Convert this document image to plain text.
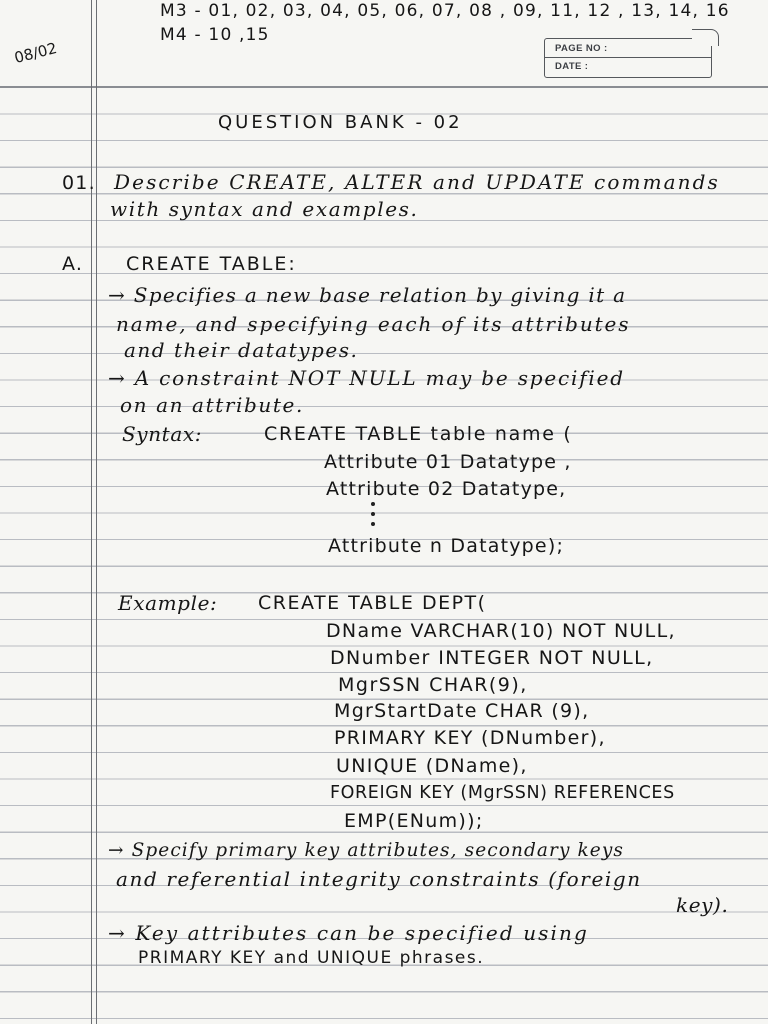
M3 - 01, 02, 03, 04, 05, 06, 07, 08 , 09, 11, 12 , 13, 14, 16
M4 - 10 ,15
08/02	PAGE NO :
DATE :
QUESTION BANK - 02
01. Describe CREATE, ALTER and UPDATE commands
with syntax and examples.
A. CREATE TABLE:
→ Specifies a new base relation by giving it a
name, and specifying each of its attributes
and their datatypes.
→ A constraint NOT NULL may be specified
on an attribute.
Syntax:	CREATE TABLE table name (
Attribute 01 Datatype ,
Attribute 02 Datatype,
Attribute n Datatype);
Example: CREATE TABLE DEPT(
DName VARCHAR(10) NOT NULL,
DNumber INTEGER NOT NULL,
MgrSSN CHAR(9),
MgrStartDate CHAR (9),
PRIMARY KEY (DNumber),
UNIQUE (DName),
FOREIGN KEY (MgrSSN) REFERENCES
EMP(ENum));
→ Specify primary key attributes, secondary keys
and referential integrity constraints (foreign
key).
→ Key attributes can be specified using
PRIMARY KEY and UNIQUE phrases.
